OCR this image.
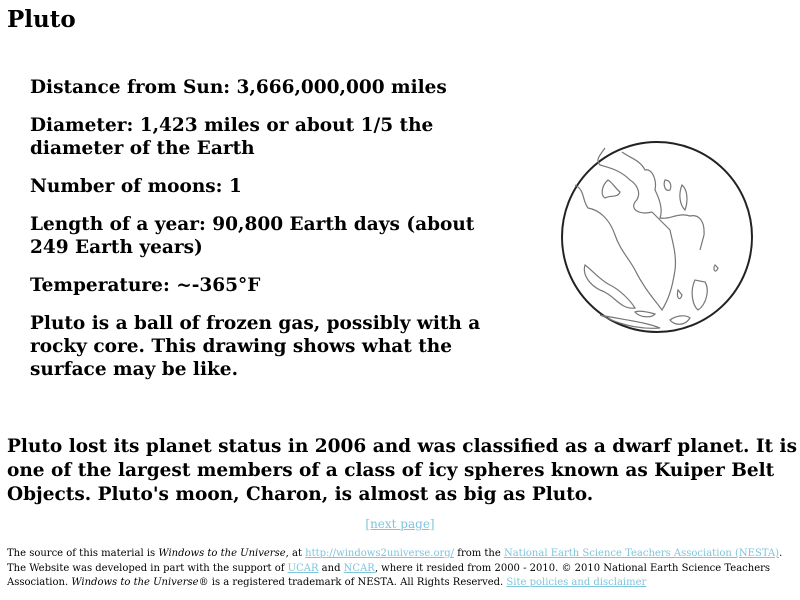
Pluto

Distance from Sun: 3,666,000,000 miles

Diameter: 1,423 miles or about 1/5 the diameter of the Earth

Number of moons: 1

Length of a year: 90,800 Earth days (about 249 Earth years)

Temperature: ~-365°F

Pluto is a ball of frozen gas, possibly with a rocky core. This drawing shows what the surface may be like.

Pluto lost its planet status in 2006 and was classified as a dwarf planet. It is one of the largest members of a class of icy spheres known as Kuiper Belt Objects. Pluto's moon, Charon, is almost as big as Pluto.

[next page]

The source of this material is Windows to the Universe, at http://windows2universe.org/ from the National Earth Science Teachers Association (NESTA). The Website was developed in part with the support of UCAR and NCAR, where it resided from 2000 - 2010. © 2010 National Earth Science Teachers Association. Windows to the Universe® is a registered trademark of NESTA. All Rights Reserved. Site policies and disclaimer
